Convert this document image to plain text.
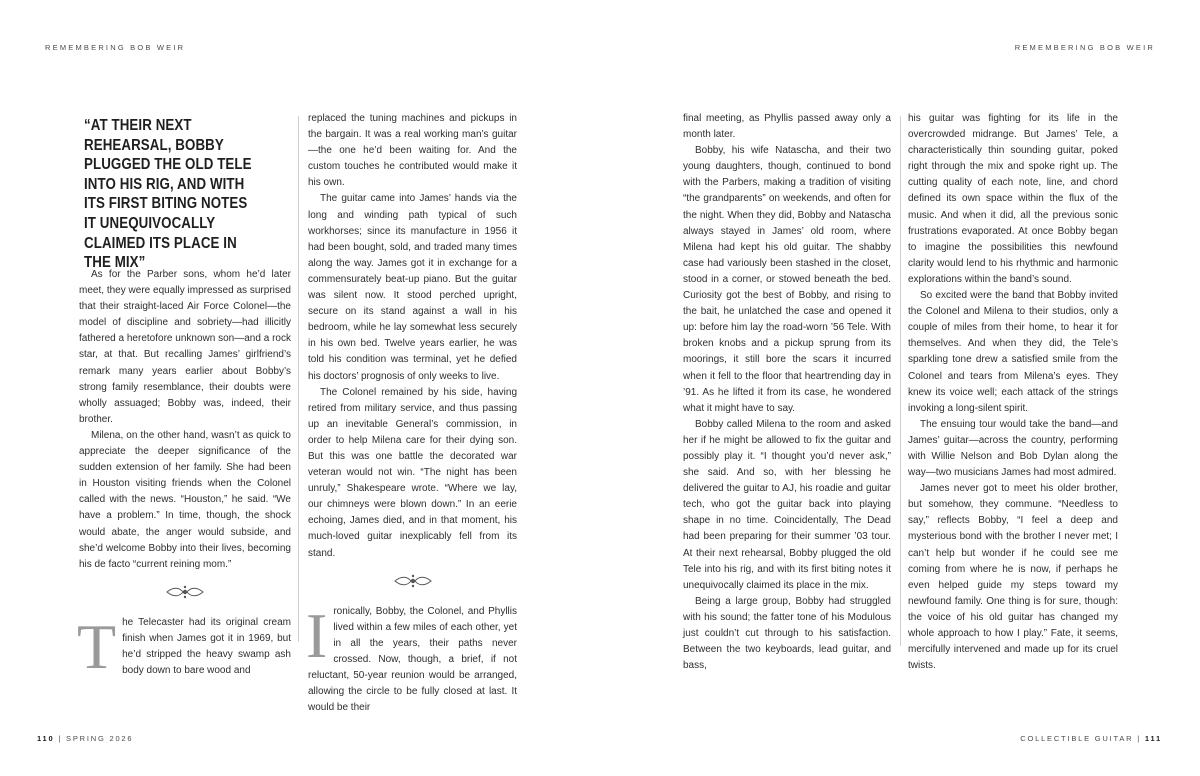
REMEMBERING BOB WEIR	REMEMBERING BOB WEIR

“AT THEIR NEXT REHEARSAL, BOBBY PLUGGED THE OLD TELE INTO HIS RIG, AND WITH ITS FIRST BITING NOTES IT UNEQUIVOCALLY CLAIMED ITS PLACE IN THE MIX”

As for the Parber sons, whom he’d later meet, they were equally impressed as surprised that their straight-laced Air Force Colonel—the model of discipline and sobriety—had illicitly fathered a heretofore unknown son—and a rock star, at that. But recalling James’ girlfriend’s remark many years earlier about Bobby’s strong family resemblance, their doubts were wholly assuaged; Bobby was, indeed, their brother.

Milena, on the other hand, wasn’t as quick to appreciate the deeper significance of the sudden extension of her family. She had been in Houston visiting friends when the Colonel called with the news. “Houston,” he said. “We have a problem.” In time, though, the shock would abate, the anger would subside, and she’d welcome Bobby into their lives, becoming his de facto “current reining mom.”

The Telecaster had its original cream finish when James got it in 1969, but he’d stripped the heavy swamp ash body down to bare wood and

replaced the tuning machines and pickups in the bargain. It was a real working man’s guitar—the one he’d been waiting for. And the custom touches he contributed would make it his own.

The guitar came into James’ hands via the long and winding path typical of such workhorses; since its manufacture in 1956 it had been bought, sold, and traded many times along the way. James got it in exchange for a commensurately beat-up piano. But the guitar was silent now. It stood perched upright, secure on its stand against a wall in his bedroom, while he lay somewhat less securely in his own bed. Twelve years earlier, he was told his condition was terminal, yet he defied his doctors’ prognosis of only weeks to live.

The Colonel remained by his side, having retired from military service, and thus passing up an inevitable General’s commission, in order to help Milena care for their dying son. But this was one battle the decorated war veteran would not win. “The night has been unruly,” Shakespeare wrote. “Where we lay, our chimneys were blown down.” In an eerie echoing, James died, and in that moment, his much-loved guitar inexplicably fell from its stand.

Ironically, Bobby, the Colonel, and Phyllis lived within a few miles of each other, yet in all the years, their paths never crossed. Now, though, a brief, if not reluctant, 50-year reunion would be arranged, allowing the circle to be fully closed at last. It would be their

final meeting, as Phyllis passed away only a month later.

Bobby, his wife Natascha, and their two young daughters, though, continued to bond with the Parbers, making a tradition of visiting “the grandparents” on weekends, and often for the night. When they did, Bobby and Natascha always stayed in James’ old room, where Milena had kept his old guitar. The shabby case had variously been stashed in the closet, stood in a corner, or stowed beneath the bed. Curiosity got the best of Bobby, and rising to the bait, he unlatched the case and opened it up: before him lay the road-worn ’56 Tele. With broken knobs and a pickup sprung from its moorings, it still bore the scars it incurred when it fell to the floor that heartrending day in ’91. As he lifted it from its case, he wondered what it might have to say.

Bobby called Milena to the room and asked her if he might be allowed to fix the guitar and possibly play it. “I thought you’d never ask,” she said. And so, with her blessing he delivered the guitar to AJ, his roadie and guitar tech, who got the guitar back into playing shape in no time. Coincidentally, The Dead had been preparing for their summer ’03 tour. At their next rehearsal, Bobby plugged the old Tele into his rig, and with its first biting notes it unequivocally claimed its place in the mix.

Being a large group, Bobby had struggled with his sound; the fatter tone of his Modulous just couldn’t cut through to his satisfaction. Between the two keyboards, lead guitar, and bass,

his guitar was fighting for its life in the overcrowded midrange. But James’ Tele, a characteristically thin sounding guitar, poked right through the mix and spoke right up. The cutting quality of each note, line, and chord defined its own space within the flux of the music. And when it did, all the previous sonic frustrations evaporated. At once Bobby began to imagine the possibilities this newfound clarity would lend to his rhythmic and harmonic explorations within the band’s sound.

So excited were the band that Bobby invited the Colonel and Milena to their studios, only a couple of miles from their home, to hear it for themselves. And when they did, the Tele’s sparkling tone drew a satisfied smile from the Colonel and tears from Milena’s eyes. They knew its voice well; each attack of the strings invoking a long-silent spirit.

The ensuing tour would take the band—and James’ guitar—across the country, performing with Willie Nelson and Bob Dylan along the way—two musicians James had most admired.

James never got to meet his older brother, but somehow, they commune. “Needless to say,” reflects Bobby, “I feel a deep and mysterious bond with the brother I never met; I can’t help but wonder if he could see me coming from where he is now, if perhaps he even helped guide my steps toward my newfound family. One thing is for sure, though: the voice of his old guitar has changed my whole approach to how I play.” Fate, it seems, mercifully intervened and made up for its cruel twists.

110 | SPRING 2026	COLLECTIBLE GUITAR | 111
